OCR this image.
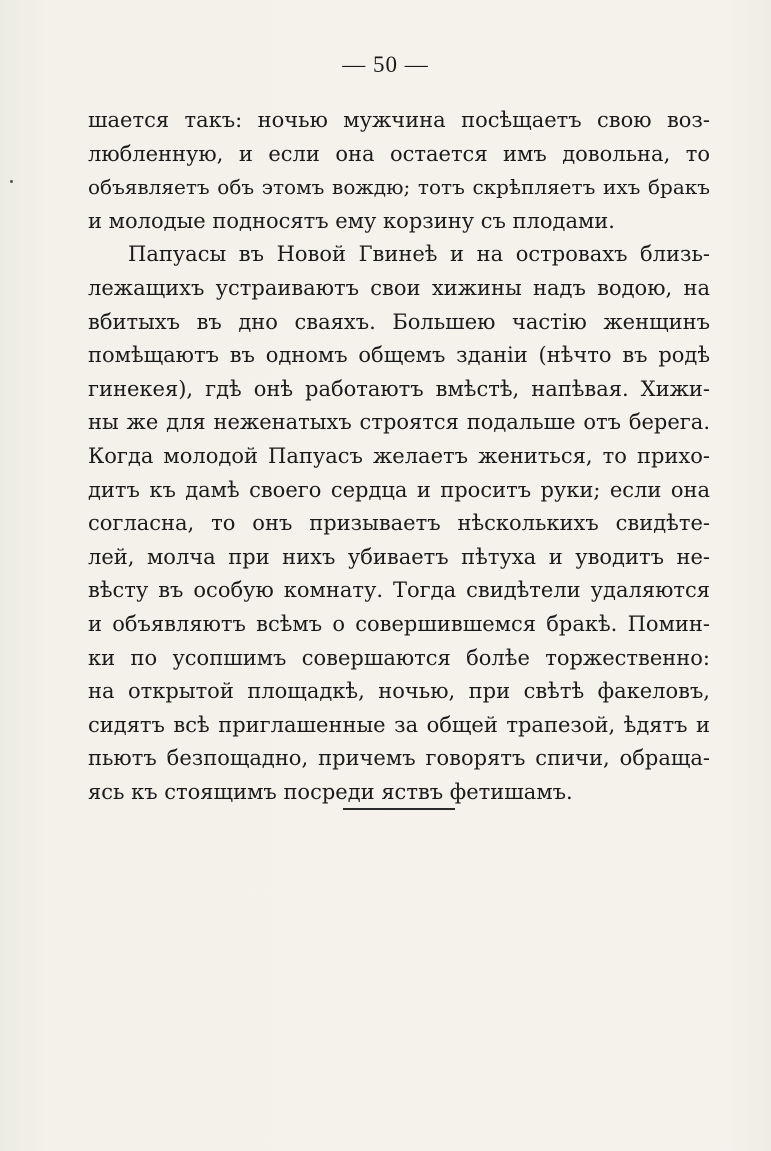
— 50 —
шается такъ: ночью мужчина посѣщаетъ свою воз-
любленную, и если она остается имъ довольна, то
объявляетъ объ этомъ вождю; тотъ скрѣпляетъ ихъ бракъ
и молодые подносятъ ему корзину съ плодами.
Папуасы въ Новой Гвинеѣ и на островахъ близь-
лежащихъ устраиваютъ свои хижины надъ водою, на
вбитыхъ въ дно сваяхъ. Большею частію женщинъ
помѣщаютъ въ одномъ общемъ зданіи (нѣчто въ родѣ
гинекея), гдѣ онѣ работаютъ вмѣстѣ, напѣвая. Хижи-
ны же для неженатыхъ строятся подальше отъ берега.
Когда молодой Папуасъ желаетъ жениться, то прихо-
дитъ къ дамѣ своего сердца и проситъ руки; если она
согласна, то онъ призываетъ нѣсколькихъ свидѣте-
лей, молча при нихъ убиваетъ пѣтуха и уводитъ не-
вѣсту въ особую комнату. Тогда свидѣтели удаляются
и объявляютъ всѣмъ о совершившемся бракѣ. Помин-
ки по усопшимъ совершаются болѣе торжественно:
на открытой площадкѣ, ночью, при свѣтѣ факеловъ,
сидятъ всѣ приглашенные за общей трапезой, ѣдятъ и
пьютъ безпощадно, причемъ говорятъ спичи, обраща-
ясь къ стоящимъ посреди яствъ фетишамъ.
